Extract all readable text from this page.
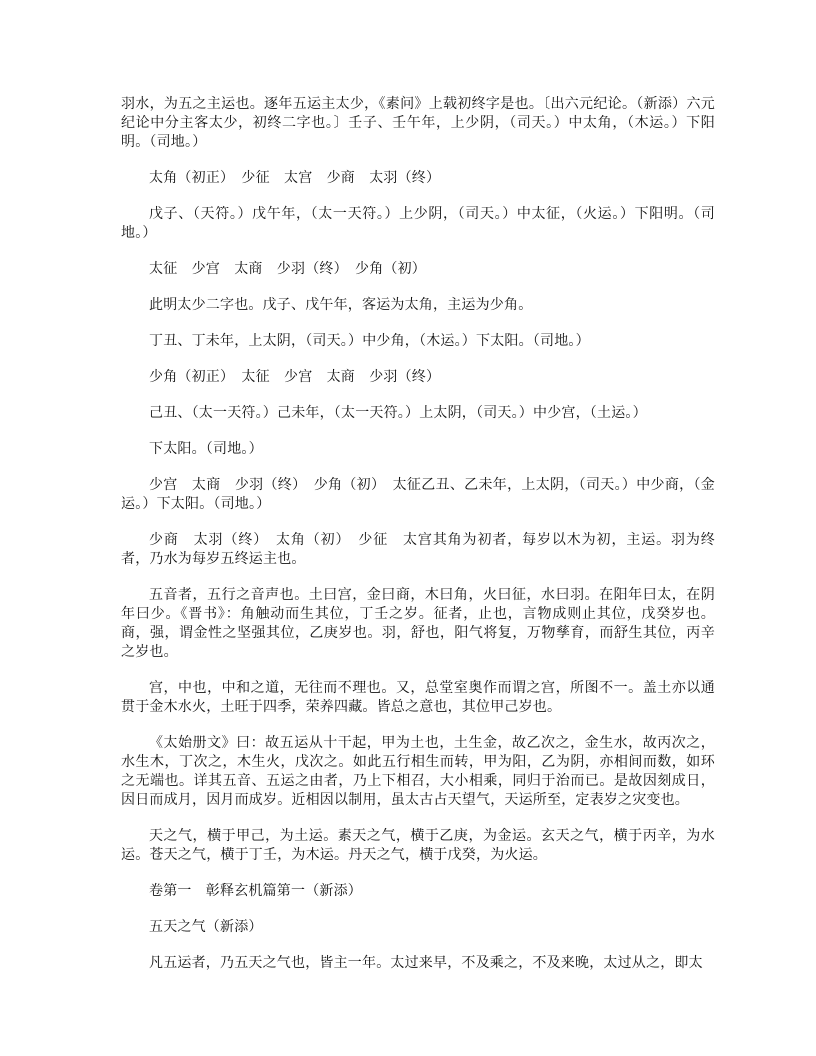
羽水，为五之主运也。逐年五运主太少，《素问》上载初终字是也。〔出六元纪论。（新添）六元纪论中分主客太少，初终二字也。〕壬子、壬午年，上少阴，（司天。）中太角，（木运。）下阳明。（司地。）

太角（初正）　少征　太宫　少商　太羽（终）

戊子、（天符。）戊午年，（太一天符。）上少阴，（司天。）中太征，（火运。）下阳明。（司地。）

太征　少宫　太商　少羽（终）　少角（初）

此明太少二字也。戊子、戊午年，客运为太角，主运为少角。

丁丑、丁未年，上太阴，（司天。）中少角，（木运。）下太阳。（司地。）

少角（初正）　太征　少宫　太商　少羽（终）

己丑、（太一天符。）己未年，（太一天符。）上太阴，（司天。）中少宫，（土运。）

下太阳。（司地。）

少宫　太商　少羽（终）　少角（初）　太征乙丑、乙未年，上太阴，（司天。）中少商，（金运。）下太阳。（司地。）

少商　太羽（终）　太角（初）　少征　太宫其角为初者，每岁以木为初，主运。羽为终者，乃水为每岁五终运主也。

五音者，五行之音声也。土曰宫，金曰商，木曰角，火曰征，水曰羽。在阳年曰太，在阴年曰少。《晋书》：角触动而生其位，丁壬之岁。征者，止也，言物成则止其位，戊癸岁也。商，强，谓金性之坚强其位，乙庚岁也。羽，舒也，阳气将复，万物孳育，而舒生其位，丙辛之岁也。

宫，中也，中和之道，无往而不理也。又，总堂室奥作而谓之宫，所图不一。盖土亦以通贯于金木水火，土旺于四季，荣养四藏。皆总之意也，其位甲己岁也。

《太始册文》曰：故五运从十干起，甲为土也，土生金，故乙次之，金生水，故丙次之，水生木，丁次之，木生火，戊次之。如此五行相生而转，甲为阳，乙为阴，亦相间而数，如环之无端也。详其五音、五运之由者，乃上下相召，大小相乘，同归于治而已。是故因刻成日，因日而成月，因月而成岁。近相因以制用，虽太古占天望气，天运所至，定表岁之灾变也。

天之气，横于甲己，为土运。素天之气，横于乙庚，为金运。玄天之气，横于丙辛，为水运。苍天之气，横于丁壬，为木运。丹天之气，横于戊癸，为火运。

卷第一　彰释玄机篇第一（新添）

五天之气（新添）

凡五运者，乃五天之气也，皆主一年。太过来早，不及乘之，不及来晚，太过从之，即太
